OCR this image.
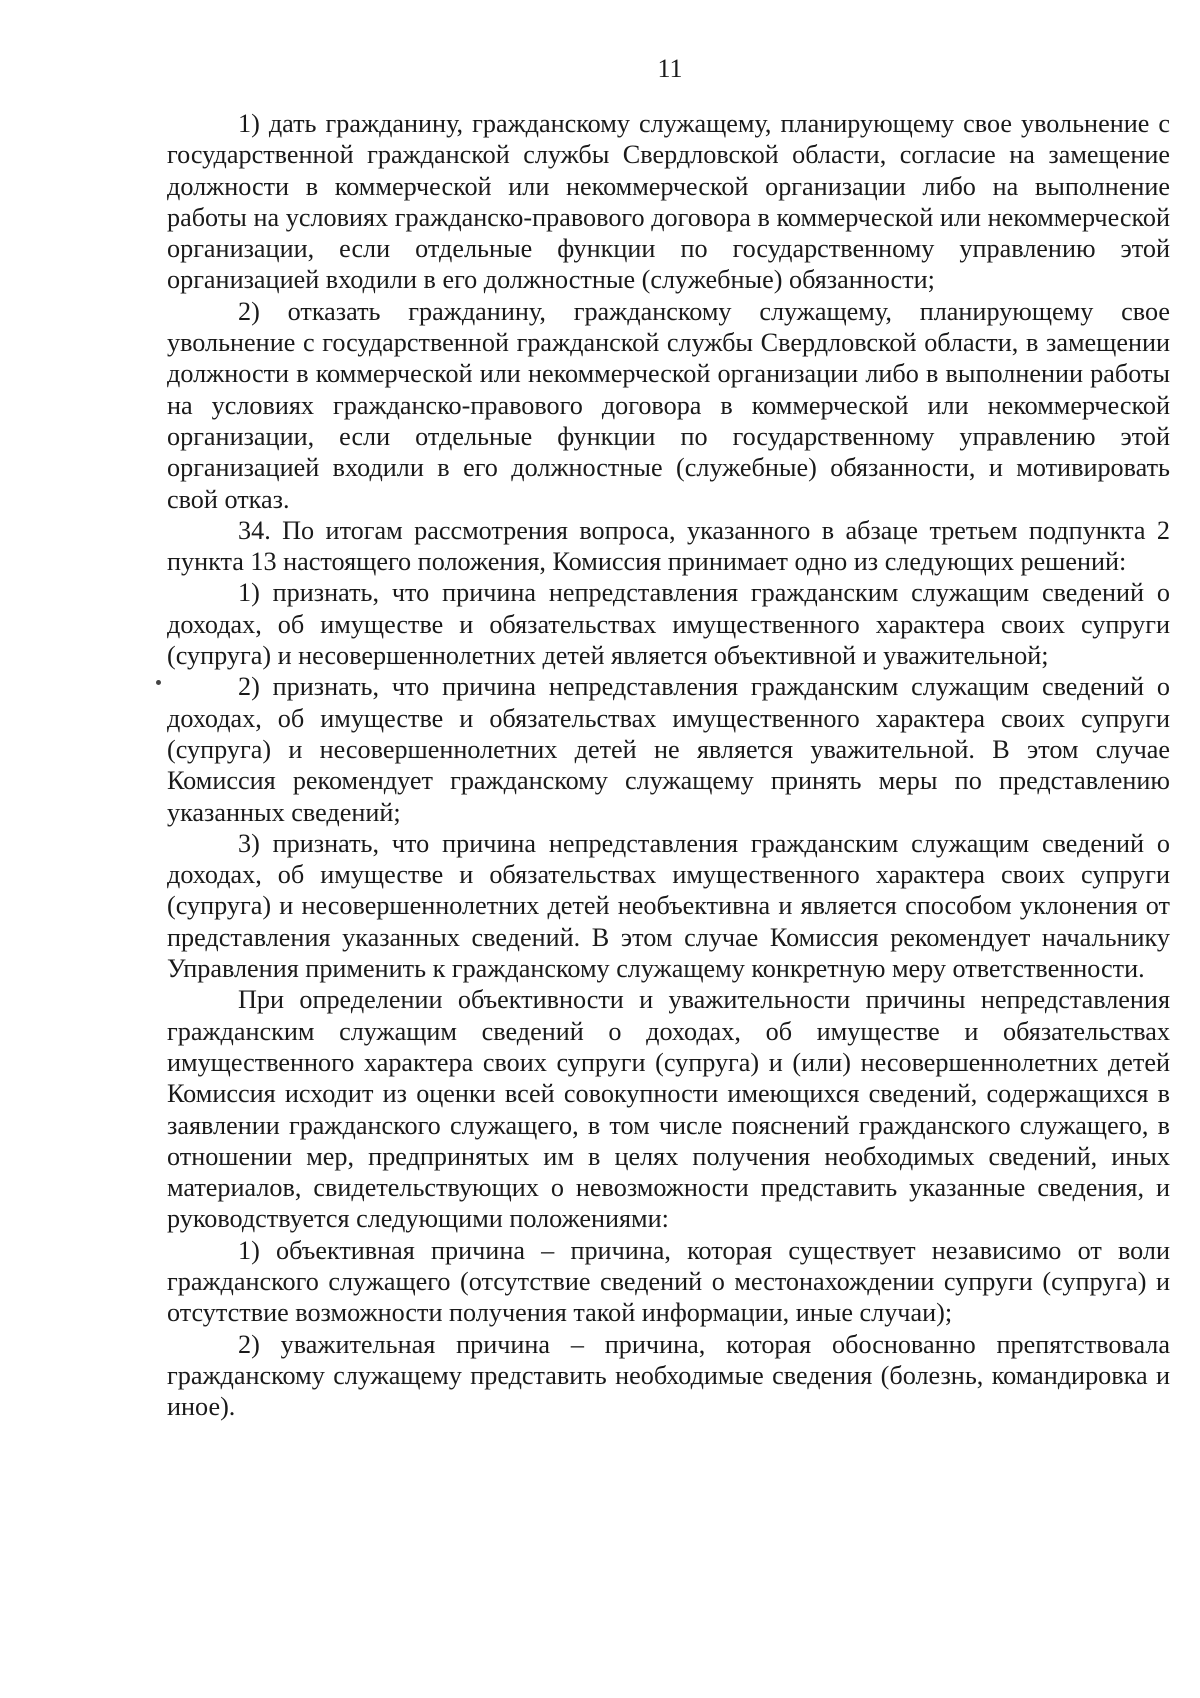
11

1) дать гражданину, гражданскому служащему, планирующему свое увольнение с государственной гражданской службы Свердловской области, согласие на замещение должности в коммерческой или некоммерческой организации либо на выполнение работы на условиях гражданско-правового договора в коммерческой или некоммерческой организации, если отдельные функции по государственному управлению этой организацией входили в его должностные (служебные) обязанности;

2) отказать гражданину, гражданскому служащему, планирующему свое увольнение с государственной гражданской службы Свердловской области, в замещении должности в коммерческой или некоммерческой организации либо в выполнении работы на условиях гражданско-правового договора в коммерческой или некоммерческой организации, если отдельные функции по государственному управлению этой организацией входили в его должностные (служебные) обязанности, и мотивировать свой отказ.

34. По итогам рассмотрения вопроса, указанного в абзаце третьем подпункта 2 пункта 13 настоящего положения, Комиссия принимает одно из следующих решений:

1) признать, что причина непредставления гражданским служащим сведений о доходах, об имуществе и обязательствах имущественного характера своих супруги (супруга) и несовершеннолетних детей является объективной и уважительной;

2) признать, что причина непредставления гражданским служащим сведений о доходах, об имуществе и обязательствах имущественного характера своих супруги (супруга) и несовершеннолетних детей не является уважительной. В этом случае Комиссия рекомендует гражданскому служащему принять меры по представлению указанных сведений;

3) признать, что причина непредставления гражданским служащим сведений о доходах, об имуществе и обязательствах имущественного характера своих супруги (супруга) и несовершеннолетних детей необъективна и является способом уклонения от представления указанных сведений. В этом случае Комиссия рекомендует начальнику Управления применить к гражданскому служащему конкретную меру ответственности.

При определении объективности и уважительности причины непредставления гражданским служащим сведений о доходах, об имуществе и обязательствах имущественного характера своих супруги (супруга) и (или) несовершеннолетних детей Комиссия исходит из оценки всей совокупности имеющихся сведений, содержащихся в заявлении гражданского служащего, в том числе пояснений гражданского служащего, в отношении мер, предпринятых им в целях получения необходимых сведений, иных материалов, свидетельствующих о невозможности представить указанные сведения, и руководствуется следующими положениями:

1) объективная причина – причина, которая существует независимо от воли гражданского служащего (отсутствие сведений о местонахождении супруги (супруга) и отсутствие возможности получения такой информации, иные случаи);

2) уважительная причина – причина, которая обоснованно препятствовала гражданскому служащему представить необходимые сведения (болезнь, командировка и иное).
